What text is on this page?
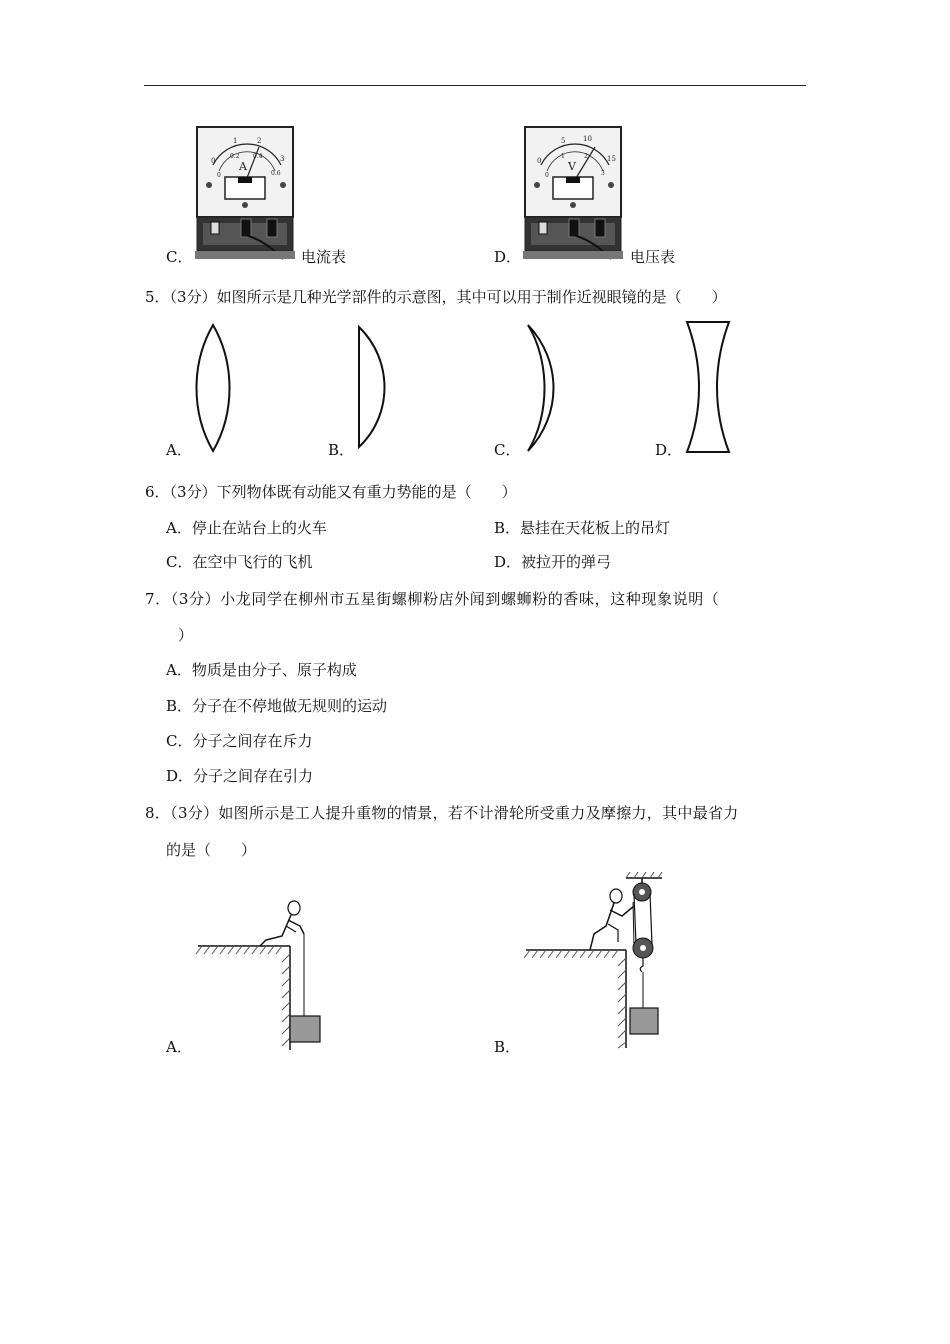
C．	电流表	D．	电压表
0
1	2
3
0
0.2 0.4
0.6
A	0
5	10
15
0
1	2
3
V
5．（3分）如图所示是几种光学部件的示意图，其中可以用于制作近视眼镜的是（　　）
A．	B．	C．	D．
6．（3分）下列物体既有动能又有重力势能的是（　　）
A．停止在站台上的火车	B．悬挂在天花板上的吊灯
C．在空中飞行的飞机	D．被拉开的弹弓
7．（3分）小龙同学在柳州市五星街螺柳粉店外闻到螺蛳粉的香味，这种现象说明（
）
A．物质是由分子、原子构成
B．分子在不停地做无规则的运动
C．分子之间存在斥力
D．分子之间存在引力
8．（3分）如图所示是工人提升重物的情景，若不计滑轮所受重力及摩擦力，其中最省力
的是（　　）
A．	B．
